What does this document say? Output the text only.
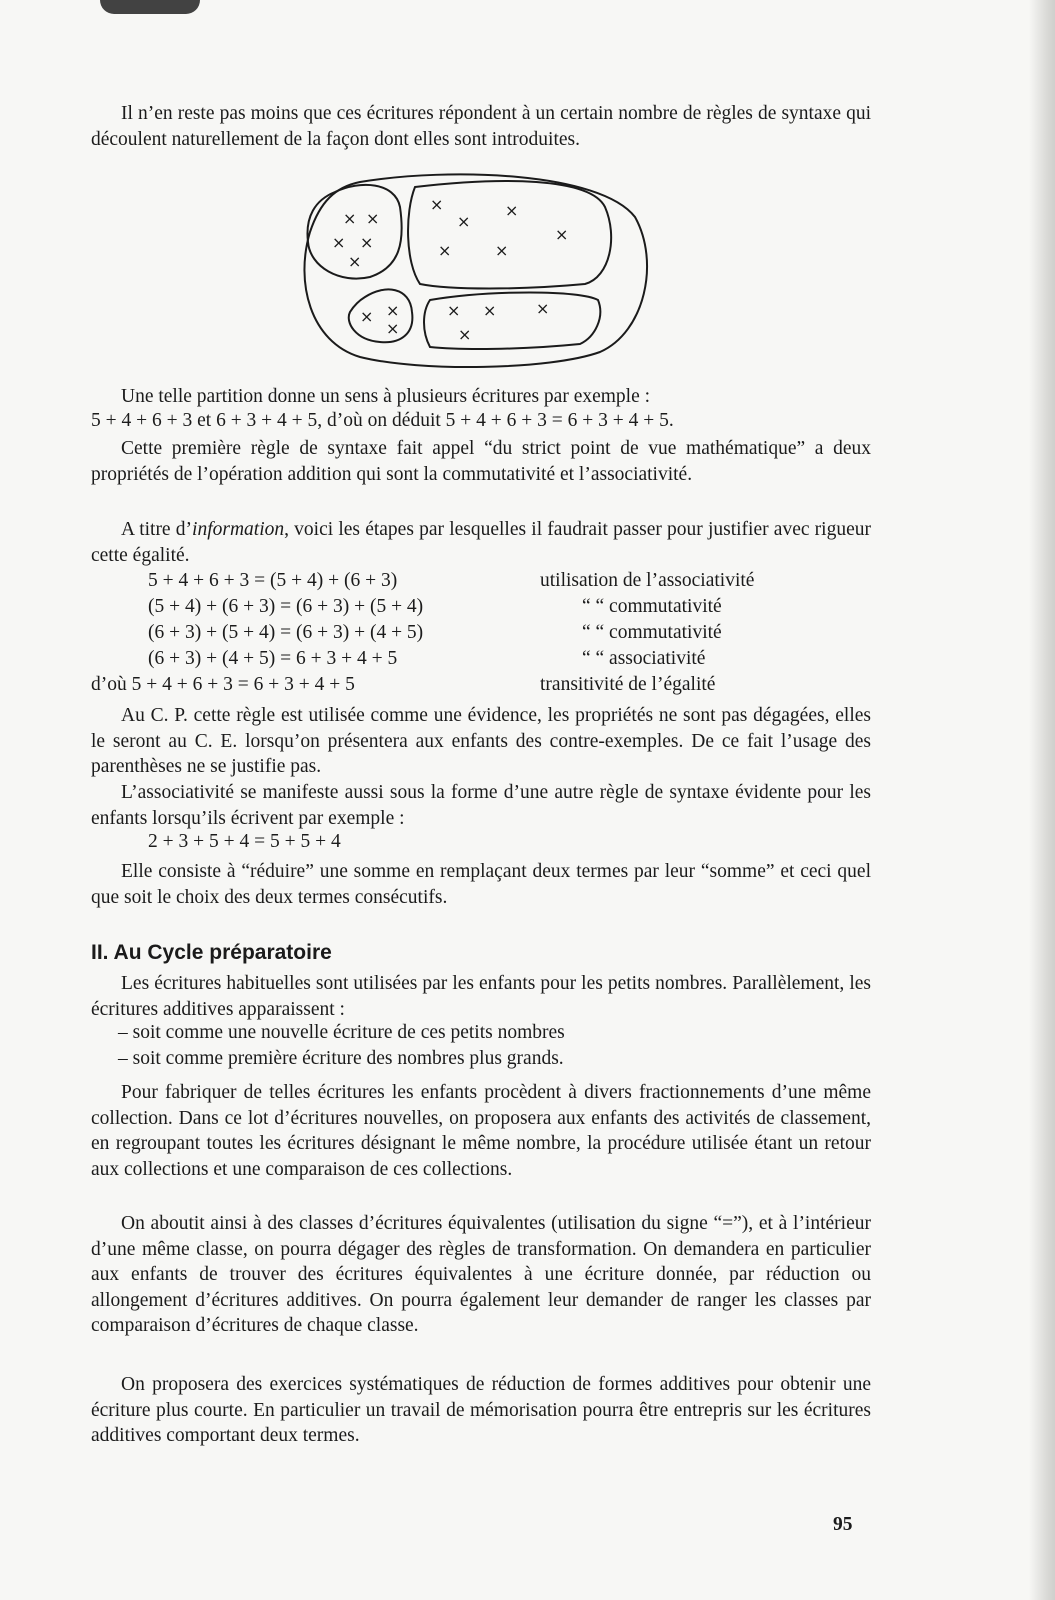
Il n’en reste pas moins que ces écritures répondent à un certain nombre de règles de syntaxe qui découlent naturellement de la façon dont elles sont introduites.

× ×
× ×
×
×
×
×
×
×	×
×
×
×
× × ×
×

Une telle partition donne un sens à plusieurs écritures par exemple :

5 + 4 + 6 + 3 et 6 + 3 + 4 + 5, d’où on déduit 5 + 4 + 6 + 3 = 6 + 3 + 4 + 5.

Cette première règle de syntaxe fait appel “du strict point de vue mathématique” a deux propriétés de l’opération addition qui sont la commutativité et l’associativité.

A titre d’information, voici les étapes par lesquelles il faudrait passer pour justifier avec rigueur cette égalité.

5 + 4 + 6 + 3 = (5 + 4) + (6 + 3)	utilisation de l’associativité
(5 + 4) + (6 + 3) = (6 + 3) + (5 + 4)	“ “ commutativité
(6 + 3) + (5 + 4) = (6 + 3) + (4 + 5)	“ “ commutativité
(6 + 3) + (4 + 5) = 6 + 3 + 4 + 5	“ “ associativité
d’où 5 + 4 + 6 + 3 = 6 + 3 + 4 + 5	transitivité de l’égalité

Au C. P. cette règle est utilisée comme une évidence, les propriétés ne sont pas dégagées, elles le seront au C. E. lorsqu’on présentera aux enfants des contre-exemples. De ce fait l’usage des parenthèses ne se justifie pas.

L’associativité se manifeste aussi sous la forme d’une autre règle de syntaxe évidente pour les enfants lorsqu’ils écrivent par exemple :

2 + 3 + 5 + 4 = 5 + 5 + 4

Elle consiste à “réduire” une somme en remplaçant deux termes par leur “somme” et ceci quel que soit le choix des deux termes consécutifs.

II. Au Cycle préparatoire

Les écritures habituelles sont utilisées par les enfants pour les petits nombres. Parallèlement, les écritures additives apparaissent :

– soit comme une nouvelle écriture de ces petits nombres
– soit comme première écriture des nombres plus grands.

Pour fabriquer de telles écritures les enfants procèdent à divers fractionnements d’une même collection. Dans ce lot d’écritures nouvelles, on proposera aux enfants des activités de classement, en regroupant toutes les écritures désignant le même nombre, la procédure utilisée étant un retour aux collections et une comparaison de ces collections.

On aboutit ainsi à des classes d’écritures équivalentes (utilisation du signe “=”), et à l’intérieur d’une même classe, on pourra dégager des règles de transformation. On demandera en particulier aux enfants de trouver des écritures équivalentes à une écriture donnée, par réduction ou allongement d’écritures additives. On pourra également leur demander de ranger les classes par comparaison d’écritures de chaque classe.

On proposera des exercices systématiques de réduction de formes additives pour obtenir une écriture plus courte. En particulier un travail de mémorisation pourra être entrepris sur les écritures additives comportant deux termes.

95
